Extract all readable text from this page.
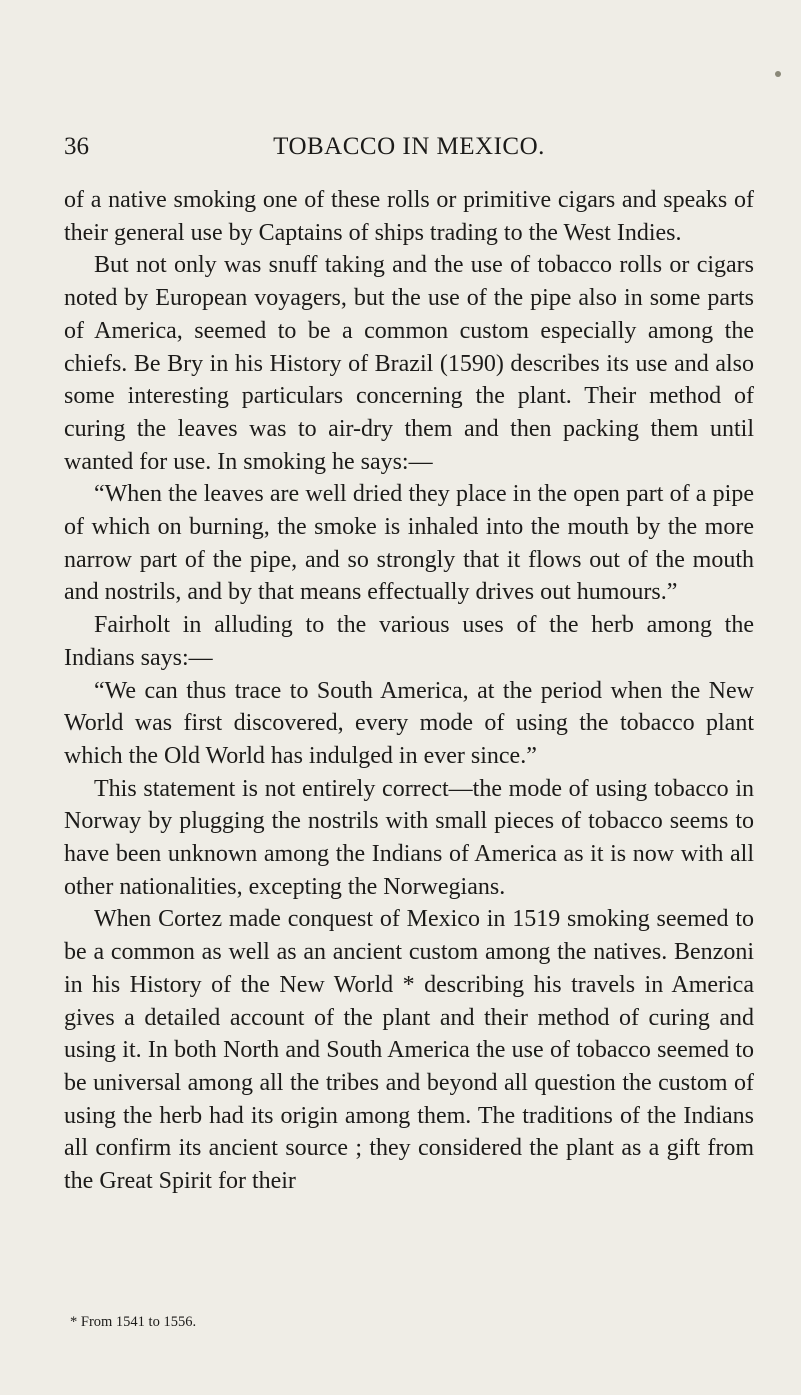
36	TOBACCO IN MEXICO.

of a native smoking one of these rolls or primitive cigars and speaks of their general use by Captains of ships trading to the West Indies.

But not only was snuff taking and the use of tobacco rolls or cigars noted by European voyagers, but the use of the pipe also in some parts of America, seemed to be a common custom especially among the chiefs. Be Bry in his History of Brazil (1590) describes its use and also some interesting particulars concerning the plant. Their method of curing the leaves was to air-dry them and then packing them until wanted for use. In smoking he says:—

“When the leaves are well dried they place in the open part of a pipe of which on burning, the smoke is inhaled into the mouth by the more narrow part of the pipe, and so strongly that it flows out of the mouth and nostrils, and by that means effectually drives out humours.”

Fairholt in alluding to the various uses of the herb among the Indians says:—

“We can thus trace to South America, at the period when the New World was first discovered, every mode of using the tobacco plant which the Old World has indulged in ever since.”

This statement is not entirely correct—the mode of using tobacco in Norway by plugging the nostrils with small pieces of tobacco seems to have been unknown among the Indians of America as it is now with all other nationalities, excepting the Norwegians.

When Cortez made conquest of Mexico in 1519 smoking seemed to be a common as well as an ancient custom among the natives. Benzoni in his History of the New World * describing his travels in America gives a detailed account of the plant and their method of curing and using it. In both North and South America the use of tobacco seemed to be universal among all the tribes and beyond all question the custom of using the herb had its origin among them. The traditions of the Indians all confirm its ancient source ; they considered the plant as a gift from the Great Spirit for their

* From 1541 to 1556.
